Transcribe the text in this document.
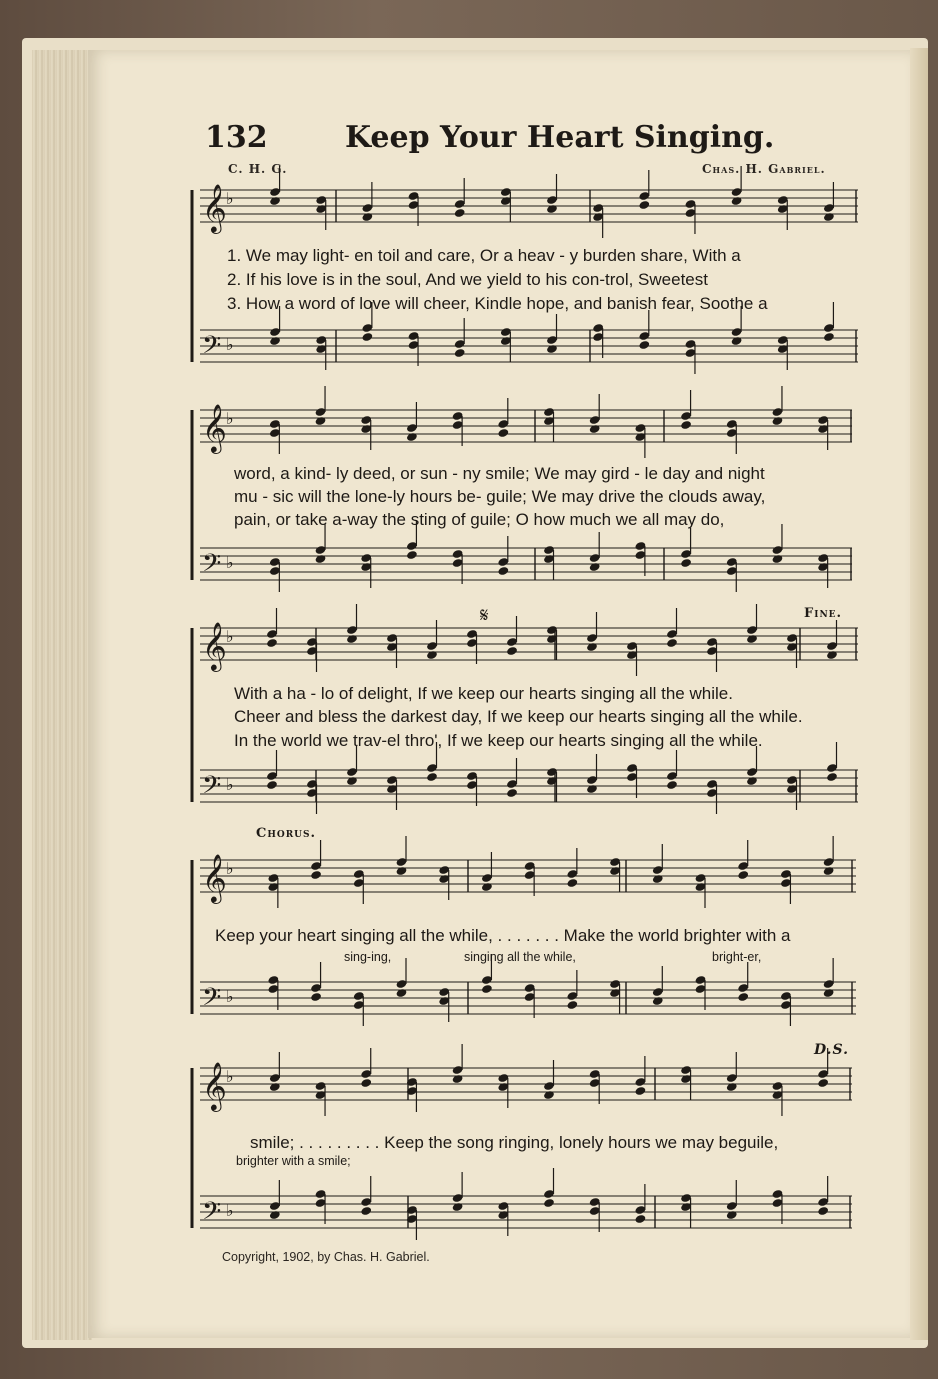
132	Keep Your Heart Singing.
C. H. G.	Chas. H. Gabriel.
𝄞
𝄢
♭
♭
𝄞
𝄢
♭
♭
𝄞
𝄢
♭
♭
𝄞
𝄢
♭
♭
𝄞
𝄢
♭
♭
1. We may light- en toil and care, Or a heav - y burden share, With a
2. If his love is in the soul, And we yield to his con-trol, Sweetest
3. How a word of love will cheer, Kindle hope, and banish fear, Soothe a
word, a kind- ly deed, or sun - ny smile; We may gird - le day and night
mu - sic will the lone-ly hours be- guile; We may drive the clouds away,
pain, or take a-way the sting of guile; O how much we all may do,
𝄋	Fine.
With a ha - lo of delight, If we keep our hearts singing all the while.
Cheer and bless the darkest day, If we keep our hearts singing all the while.
In the world we trav-el thro', If we keep our hearts singing all the while.
Chorus.
Keep your heart singing all the while, . . . . . . . Make the world brighter with a
sing-ing,	singing all the while,	bright-er,
D.S.
smile; . . . . . . . . . Keep the song ringing, lonely hours we may beguile,
brighter with a smile;
Copyright, 1902, by Chas. H. Gabriel.
